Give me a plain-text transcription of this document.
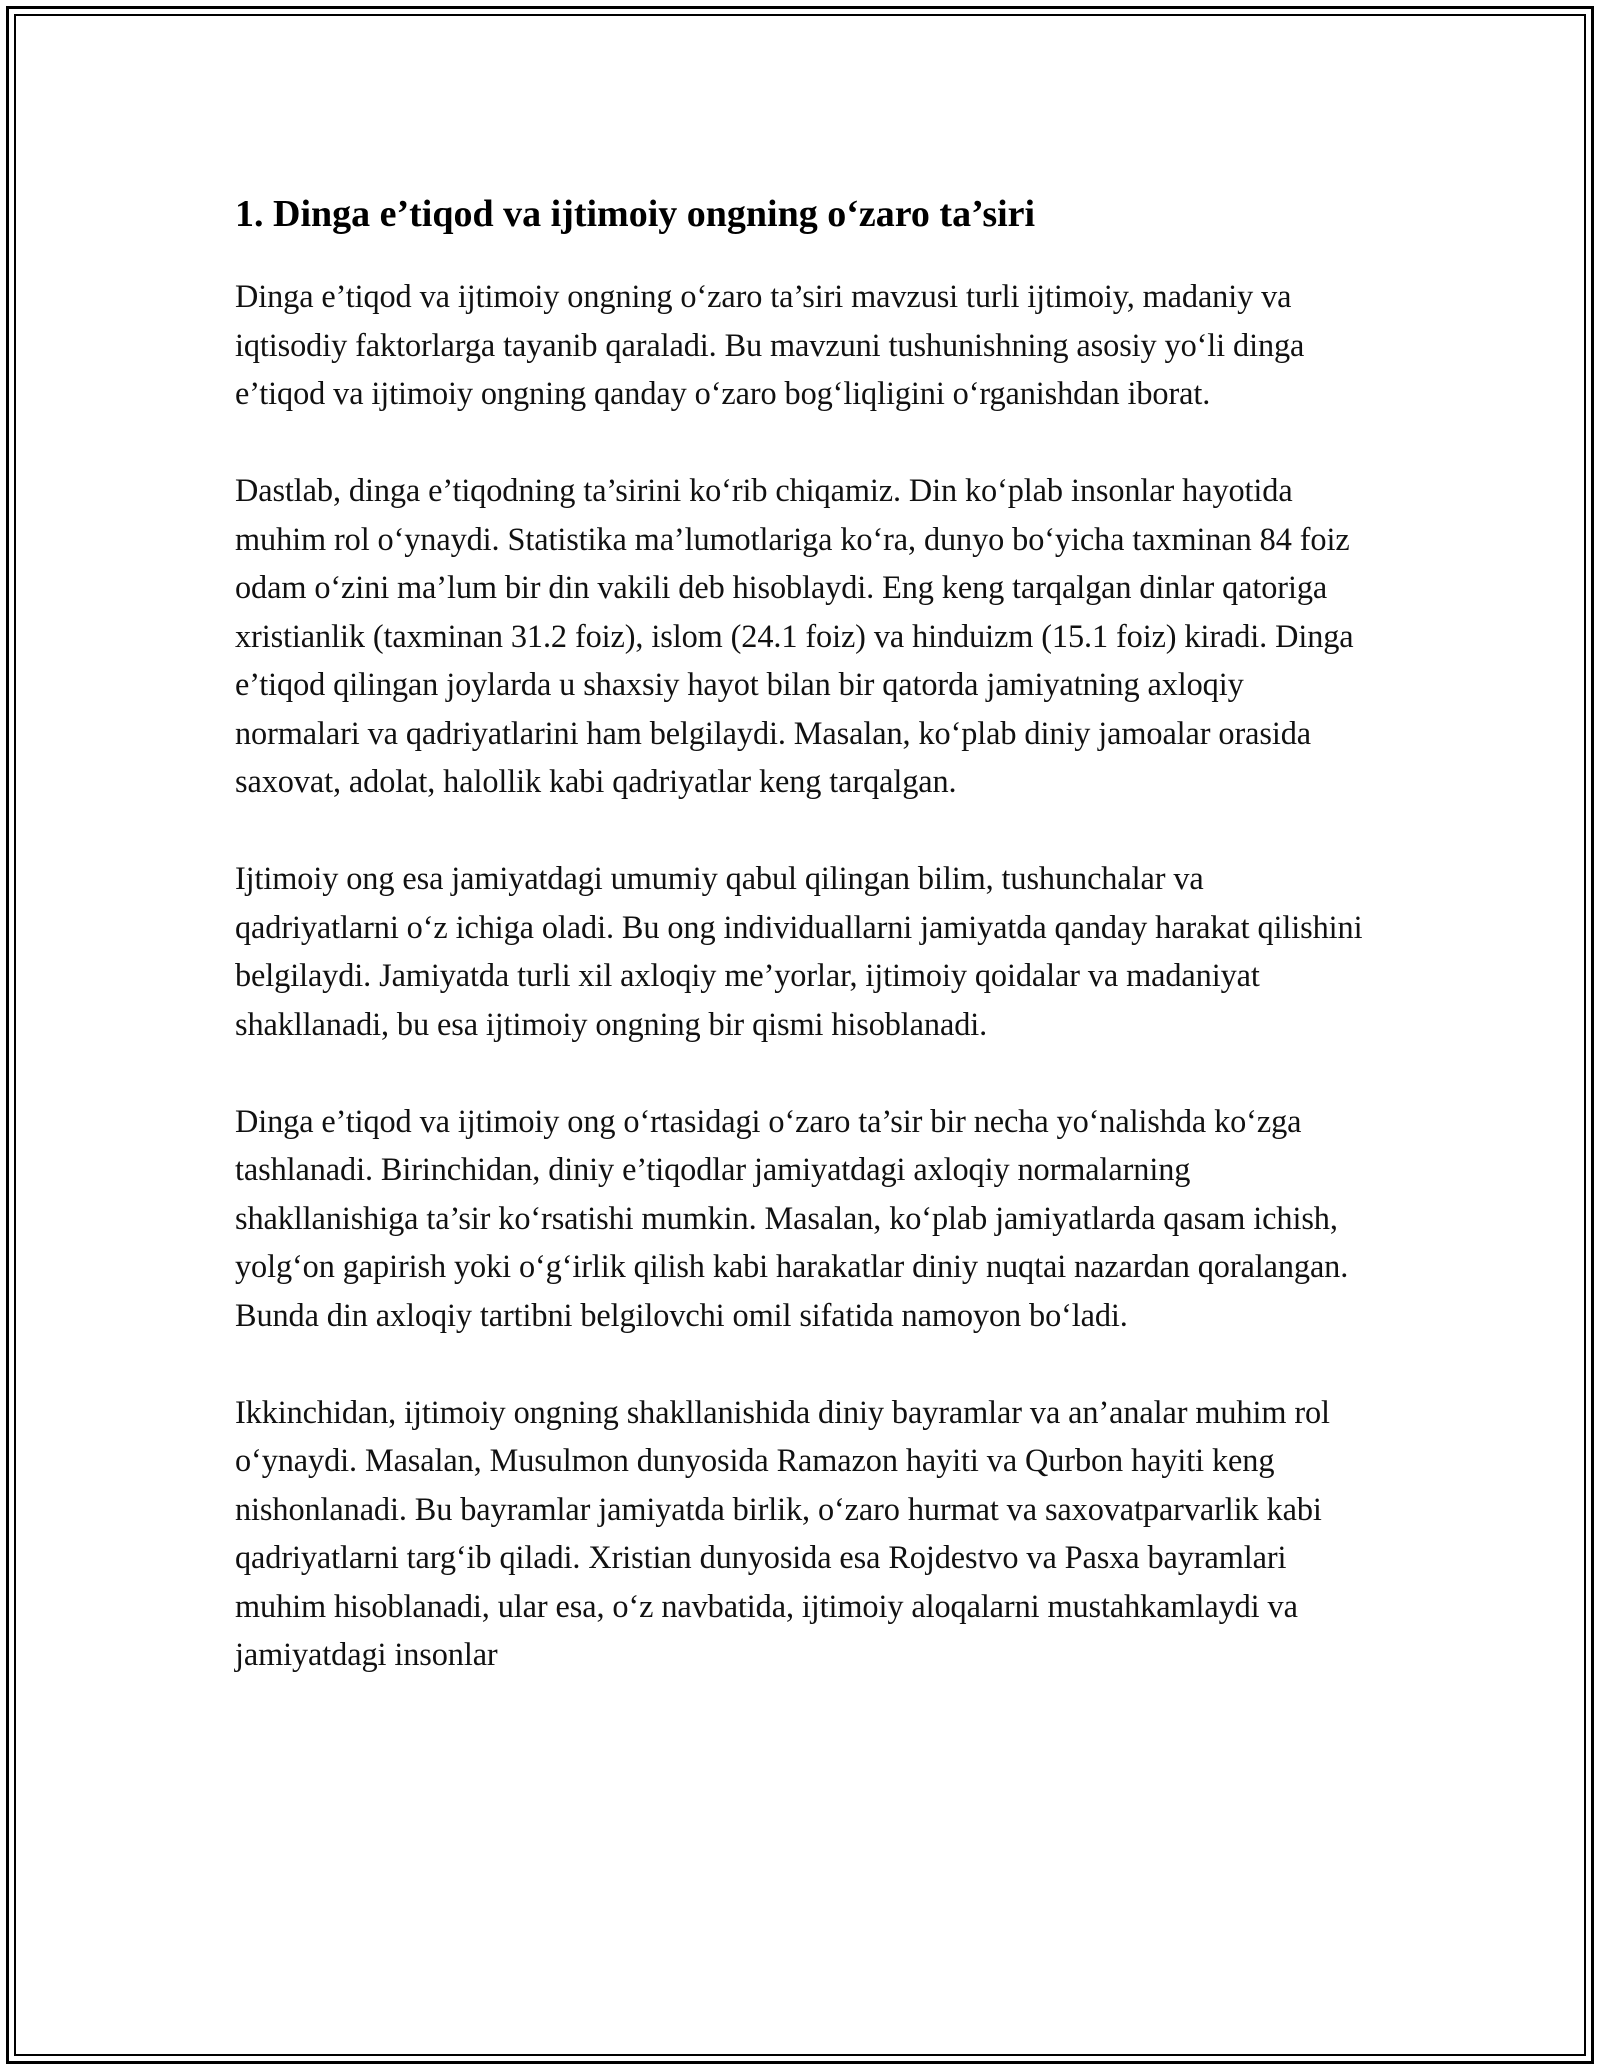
1. Dinga e’tiqod va ijtimoiy ongning o‘zaro ta’siri

Dinga e’tiqod va ijtimoiy ongning o‘zaro ta’siri mavzusi turli ijtimoiy, madaniy va iqtisodiy faktorlarga tayanib qaraladi. Bu mavzuni tushunishning asosiy yo‘li dinga e’tiqod va ijtimoiy ongning qanday o‘zaro bog‘liqligini o‘rganishdan iborat.

Dastlab, dinga e’tiqodning ta’sirini ko‘rib chiqamiz. Din ko‘plab insonlar hayotida muhim rol o‘ynaydi. Statistika ma’lumotlariga ko‘ra, dunyo bo‘yicha taxminan 84 foiz odam o‘zini ma’lum bir din vakili deb hisoblaydi. Eng keng tarqalgan dinlar qatoriga xristianlik (taxminan 31.2 foiz), islom (24.1 foiz) va hinduizm (15.1 foiz) kiradi. Dinga e’tiqod qilingan joylarda u shaxsiy hayot bilan bir qatorda jamiyatning axloqiy normalari va qadriyatlarini ham belgilaydi. Masalan, ko‘plab diniy jamoalar orasida saxovat, adolat, halollik kabi qadriyatlar keng tarqalgan.

Ijtimoiy ong esa jamiyatdagi umumiy qabul qilingan bilim, tushunchalar va qadriyatlarni o‘z ichiga oladi. Bu ong individuallarni jamiyatda qanday harakat qilishini belgilaydi. Jamiyatda turli xil axloqiy me’yorlar, ijtimoiy qoidalar va madaniyat shakllanadi, bu esa ijtimoiy ongning bir qismi hisoblanadi.

Dinga e’tiqod va ijtimoiy ong o‘rtasidagi o‘zaro ta’sir bir necha yo‘nalishda ko‘zga tashlanadi. Birinchidan, diniy e’tiqodlar jamiyatdagi axloqiy normalarning shakllanishiga ta’sir ko‘rsatishi mumkin. Masalan, ko‘plab jamiyatlarda qasam ichish, yolg‘on gapirish yoki o‘g‘irlik qilish kabi harakatlar diniy nuqtai nazardan qoralangan. Bunda din axloqiy tartibni belgilovchi omil sifatida namoyon bo‘ladi.

Ikkinchidan, ijtimoiy ongning shakllanishida diniy bayramlar va an’analar muhim rol o‘ynaydi. Masalan, Musulmon dunyosida Ramazon hayiti va Qurbon hayiti keng nishonlanadi. Bu bayramlar jamiyatda birlik, o‘zaro hurmat va saxovatparvarlik kabi qadriyatlarni targ‘ib qiladi. Xristian dunyosida esa Rojdestvo va Pasxa bayramlari muhim hisoblanadi, ular esa, o‘z navbatida, ijtimoiy aloqalarni mustahkamlaydi va jamiyatdagi insonlar
